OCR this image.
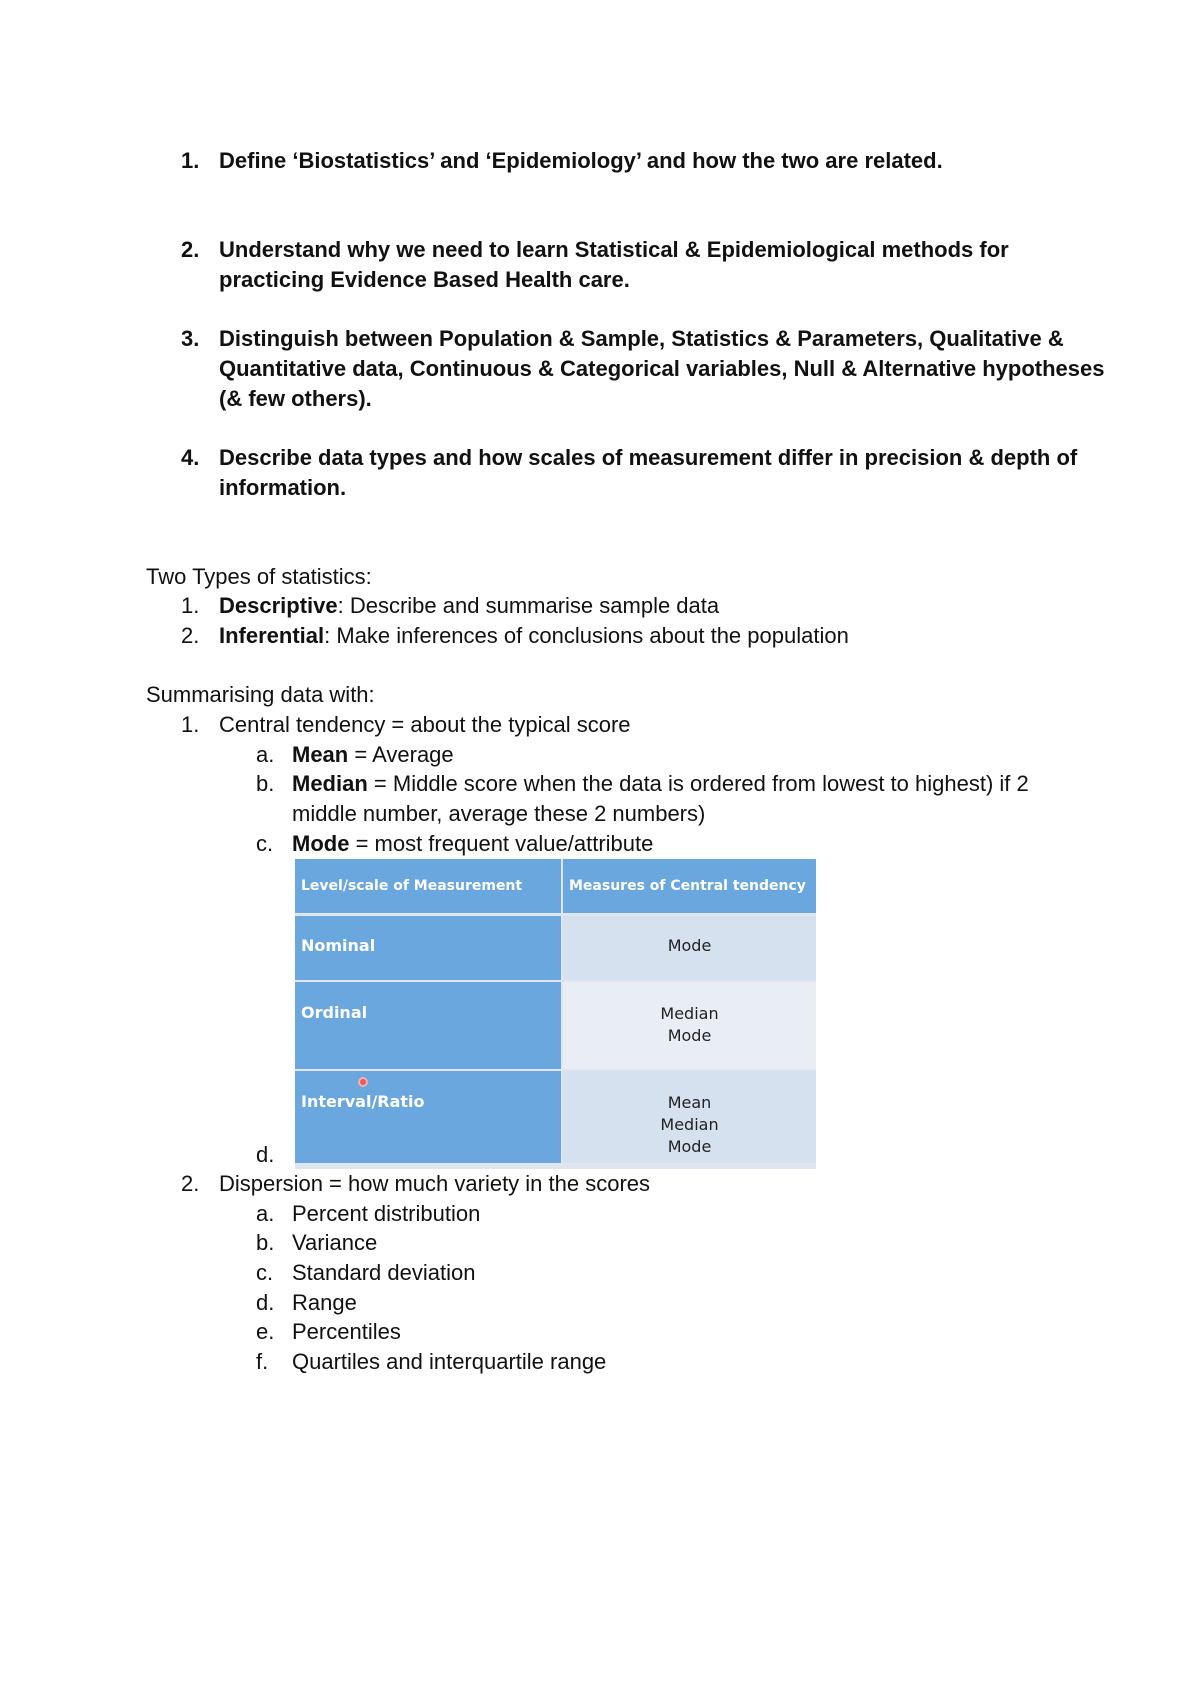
1. Define ‘Biostatistics’ and ‘Epidemiology’ and how the two are related.
2. Understand why we need to learn Statistical & Epidemiological methods for
practicing Evidence Based Health care.
3. Distinguish between Population & Sample, Statistics & Parameters, Qualitative &
Quantitative data, Continuous & Categorical variables, Null & Alternative hypotheses
(& few others).
4. Describe data types and how scales of measurement differ in precision & depth of
information.
Two Types of statistics:
1. Descriptive: Describe and summarise sample data
2. Inferential: Make inferences of conclusions about the population
Summarising data with:
1. Central tendency = about the typical score
a. Mean = Average
b. Median = Middle score when the data is ordered from lowest to highest) if 2
middle number, average these 2 numbers)
c. Mode = most frequent value/attribute
Level/scale of Measurement	Measures of Central tendency
Nominal	Mode
Ordinal	Median
Mode
Interval/Ratio	Mean
Median
Mode
d.
2. Dispersion = how much variety in the scores
a. Percent distribution
b. Variance
c. Standard deviation
d. Range
e. Percentiles
f.	Quartiles and interquartile range
